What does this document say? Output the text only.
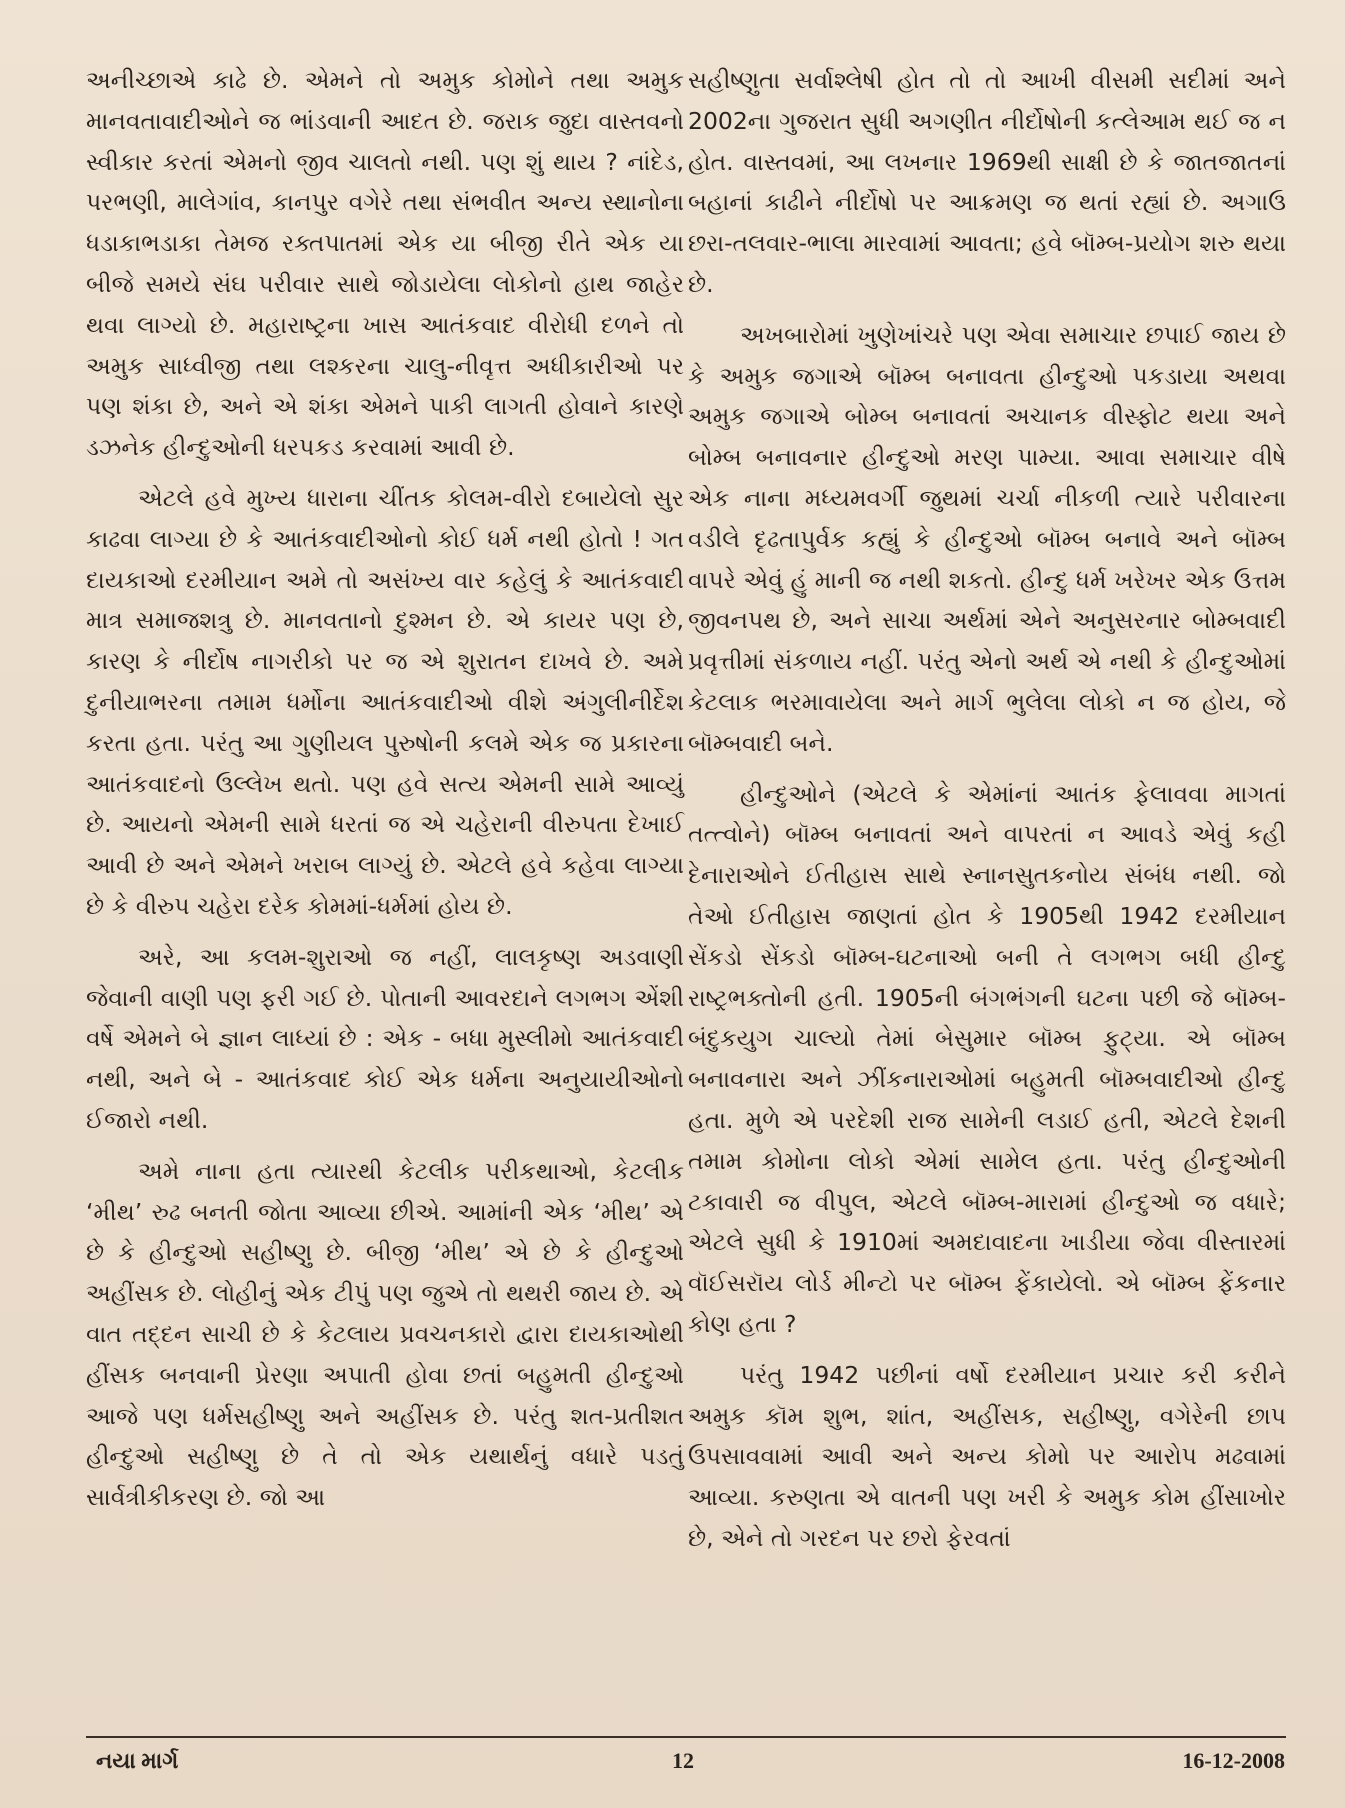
અનીચ્છાએ કાઢે છે. એમને તો અમુક કોમોને તથા અમુક માનવતાવાદીઓને જ ભાંડવાની આદત છે. જરાક જુદા વાસ્તવનો સ્વીકાર કરતાં એમનો જીવ ચાલતો નથી. પણ શું થાય ? નાંદેડ, પરભણી, માલેગાંવ, કાનપુર વગેરે તથા સંભવીત અન્ય સ્થાનોના ધડાકાભડાકા તેમજ રક્તપાતમાં એક યા બીજી રીતે એક યા બીજે સમયે સંઘ પરીવાર સાથે જોડાયેલા લોકોનો હાથ જાહેર થવા લાગ્યો છે. મહારાષ્ટ્રના ખાસ આતંકવાદ વીરોધી દળને તો અમુક સાધ્વીજી તથા લશ્કરના ચાલુ-નીવૃત્ત અધીકારીઓ પર પણ શંકા છે, અને એ શંકા એમને પાકી લાગતી હોવાને કારણે ડઝનેક હીન્દુઓની ધરપકડ કરવામાં આવી છે.

એટલે હવે મુખ્ય ધારાના ચીંતક કોલમ-વીરો દબાયેલો સુર કાઢવા લાગ્યા છે કે આતંકવાદીઓનો કોઈ ધર્મ નથી હોતો ! ગત દાયકાઓ દરમીયાન અમે તો અસંખ્ય વાર કહેલું કે આતંકવાદી માત્ર સમાજશત્રુ છે. માનવતાનો દુશ્મન છે. એ કાયર પણ છે, કારણ કે નીર્દોષ નાગરીકો પર જ એ શુરાતન દાખવે છે. અમે દુનીયાભરના તમામ ધર્મોના આતંકવાદીઓ વીશે અંગુલીનીર્દેશ કરતા હતા. પરંતુ આ ગુણીયલ પુરુષોની કલમે એક જ પ્રકારના આતંકવાદનો ઉલ્લેખ થતો. પણ હવે સત્ય એમની સામે આવ્યું છે. આયનો એમની સામે ધરતાં જ એ ચહેરાની વીરુપતા દેખાઈ આવી છે અને એમને ખરાબ લાગ્યું છે. એટલે હવે કહેવા લાગ્યા છે કે વીરુપ ચહેરા દરેક કોમમાં-ધર્મમાં હોય છે.

અરે, આ કલમ-શુરાઓ જ નહીં, લાલકૃષ્ણ અડવાણી જેવાની વાણી પણ ફરી ગઈ છે. પોતાની આવરદાને લગભગ એંશી વર્ષે એમને બે જ્ઞાન લાધ્યાં છે : એક - બધા મુસ્લીમો આતંકવાદી નથી, અને બે - આતંકવાદ કોઈ એક ધર્મના અનુયાયીઓનો ઈજારો નથી.

અમે નાના હતા ત્યારથી કેટલીક પરીકથાઓ, કેટલીક ‘મીથ’ રુઢ બનતી જોતા આવ્યા છીએ. આમાંની એક ‘મીથ’ એ છે કે હીન્દુઓ સહીષ્ણુ છે. બીજી ‘મીથ’ એ છે કે હીન્દુઓ અહીંસક છે. લોહીનું એક ટીપું પણ જુએ તો થથરી જાય છે. એ વાત તદ્દન સાચી છે કે કેટલાય પ્રવચનકારો દ્વારા દાયકાઓથી હીંસક બનવાની પ્રેરણા અપાતી હોવા છતાં બહુમતી હીન્દુઓ આજે પણ ધર્મસહીષ્ણુ અને અહીંસક છે. પરંતુ શત-પ્રતીશત હીન્દુઓ સહીષ્ણુ છે તે તો એક યથાર્થનું વધારે પડતું સાર્વત્રીકીકરણ છે. જો આ

સહીષ્ણુતા સર્વાશ્લેષી હોત તો તો આખી વીસમી સદીમાં અને 2002ના ગુજરાત સુધી અગણીત નીર્દોષોની કત્લેઆમ થઈ જ ન હોત. વાસ્તવમાં, આ લખનાર 1969થી સાક્ષી છે કે જાતજાતનાં બહાનાં કાઢીને નીર્દોષો પર આક્રમણ જ થતાં રહ્યાં છે. અગાઉ છરા-તલવાર-ભાલા મારવામાં આવતા; હવે બૉમ્બ-પ્રયોગ શરુ થયા છે.

અખબારોમાં ખુણેખાંચરે પણ એવા સમાચાર છપાઈ જાય છે કે અમુક જગાએ બૉમ્બ બનાવતા હીન્દુઓ પકડાયા અથવા અમુક જગાએ બોમ્બ બનાવતાં અચાનક વીસ્ફોટ થયા અને બોમ્બ બનાવનાર હીન્દુઓ મરણ પામ્યા. આવા સમાચાર વીષે એક નાના મધ્યમવર્ગી જુથમાં ચર્ચા નીકળી ત્યારે પરીવારના વડીલે દૃઢતાપુર્વક કહ્યું કે હીન્દુઓ બૉમ્બ બનાવે અને બૉમ્બ વાપરે એવું હું માની જ નથી શકતો. હીન્દુ ધર્મ ખરેખર એક ઉત્તમ જીવનપથ છે, અને સાચા અર્થમાં એને અનુસરનાર બોમ્બવાદી પ્રવૃત્તીમાં સંકળાય નહીં. પરંતુ એનો અર્થ એ નથી કે હીન્દુઓમાં કેટલાક ભરમાવાયેલા અને માર્ગ ભુલેલા લોકો ન જ હોય, જે બૉમ્બવાદી બને.

હીન્દુઓને (એટલે કે એમાંનાં આતંક ફેલાવવા માગતાં તત્ત્વોને) બૉમ્બ બનાવતાં અને વાપરતાં ન આવડે એવું કહી દેનારાઓને ઈતીહાસ સાથે સ્નાનસુતકનોય સંબંધ નથી. જો તેઓ ઈતીહાસ જાણતાં હોત કે 1905થી 1942 દરમીયાન સેંકડો સેંકડો બૉમ્બ-ઘટનાઓ બની તે લગભગ બધી હીન્દુ રાષ્ટ્રભક્તોની હતી. 1905ની બંગભંગની ઘટના પછી જે બૉમ્બ-બંદુકયુગ ચાલ્યો તેમાં બેસુમાર બૉમ્બ ફુટ્યા. એ બૉમ્બ બનાવનારા અને ઝીંકનારાઓમાં બહુમતી બૉમ્બવાદીઓ હીન્દુ હતા. મુળે એ પરદેશી રાજ સામેની લડાઈ હતી, એટલે દેશની તમામ કોમોના લોકો એમાં સામેલ હતા. પરંતુ હીન્દુઓની ટકાવારી જ વીપુલ, એટલે બૉમ્બ-મારામાં હીન્દુઓ જ વધારે; એટલે સુધી કે 1910માં અમદાવાદના ખાડીયા જેવા વીસ્તારમાં વૉઈસરૉય લોર્ડ મીન્ટો પર બૉમ્બ ફેંકાયેલો. એ બૉમ્બ ફેંકનાર કોણ હતા ?

પરંતુ 1942 પછીનાં વર્ષો દરમીયાન પ્રચાર કરી કરીને અમુક કૉમ શુભ, શાંત, અહીંસક, સહીષ્ણુ, વગેરેની છાપ ઉપસાવવામાં આવી અને અન્ય કોમો પર આરોપ મઢવામાં આવ્યા. કરુણતા એ વાતની પણ ખરી કે અમુક કોમ હીંસાખોર છે, એને તો ગરદન પર છરો ફેરવતાં

નયા માર્ગ	12	16-12-2008
